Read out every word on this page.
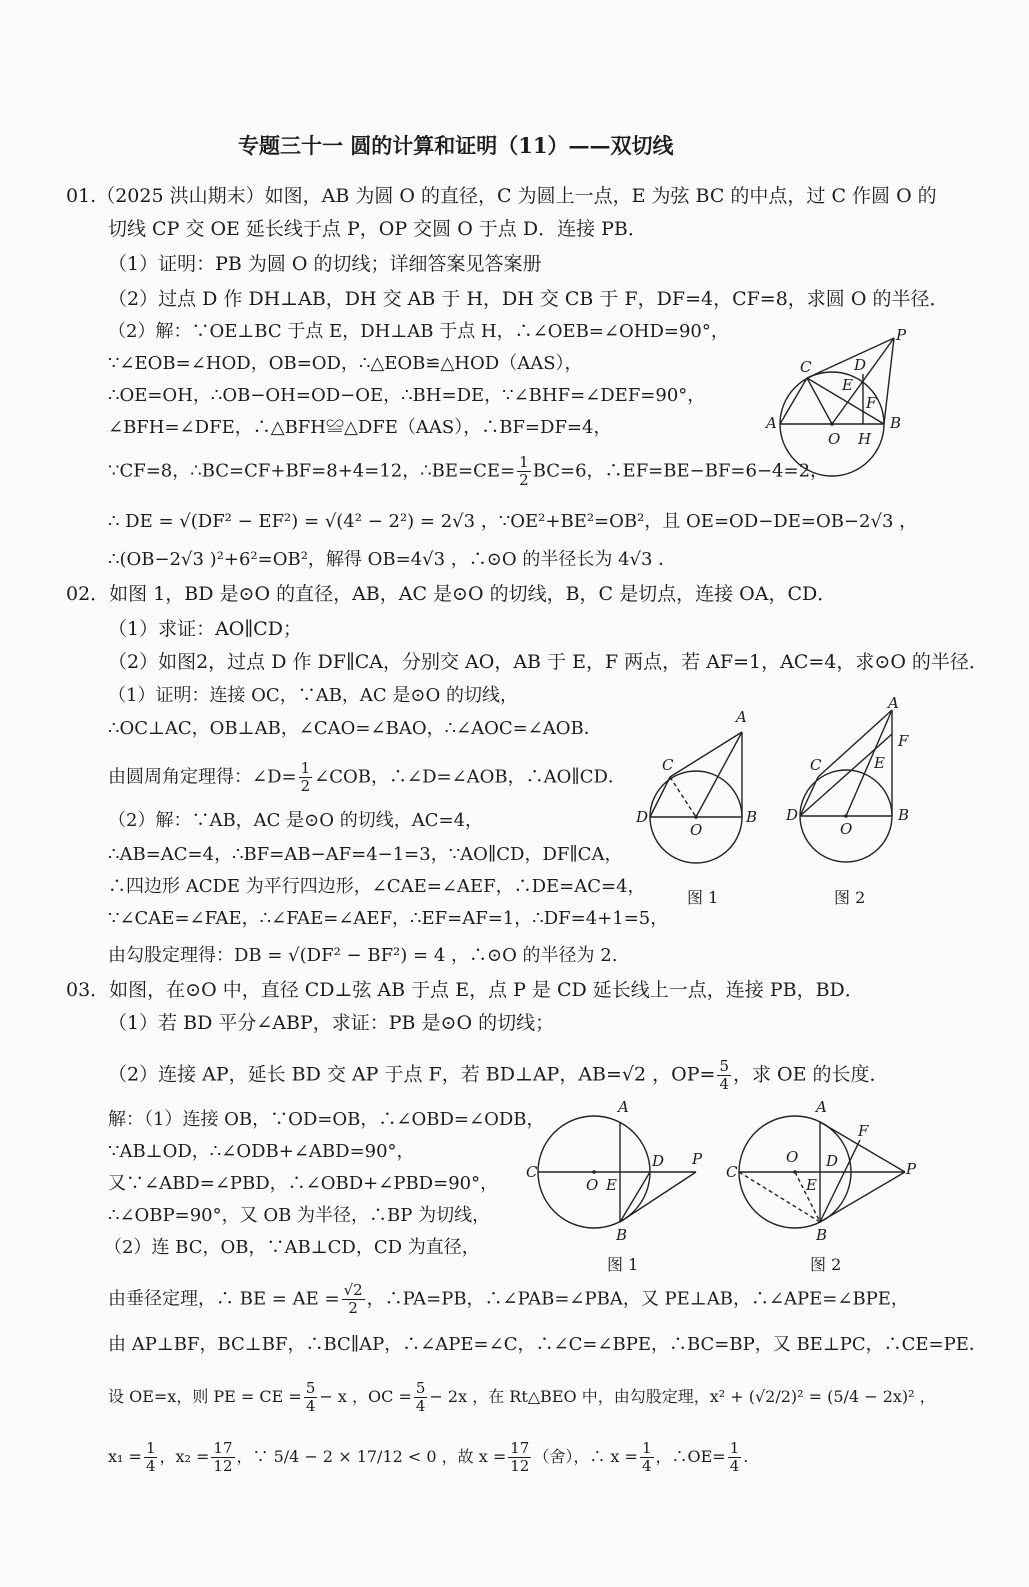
专题三十一 圆的计算和证明（11）——双切线
01.（2025 洪山期末）如图，AB 为圆 O 的直径，C 为圆上一点，E 为弦 BC 的中点，过 C 作圆 O 的
切线 CP 交 OE 延长线于点 P，OP 交圆 O 于点 D．连接 PB．
（1）证明：PB 为圆 O 的切线；详细答案见答案册
（2）过点 D 作 DH⊥AB，DH 交 AB 于 H，DH 交 CB 于 F，DF=4，CF=8，求圆 O 的半径．
（2）解：∵OE⊥BC 于点 E，DH⊥AB 于点 H，∴∠OEB=∠OHD=90°，
∵∠EOB=∠HOD，OB=OD，∴△EOB≌△HOD（AAS），
∴OE=OH，∴OB−OH=OD−OE，∴BH=DE，∵∠BHF=∠DEF=90°，
∠BFH=∠DFE，∴△BFH≌△DFE（AAS），∴BF=DF=4，
∵CF=8，∴BC=CF+BF=8+4=12，∴BE=CE= $\frac{1}{2} BC=6$，∴EF=BE−BF=6−4=2，
∴ DE = √(DF² − EF²) = √(4² − 2²) = 2√3 ，∵OE²+BE²=OB²，且 OE=OD−DE=OB−2√3 ，
∴(OB−2√3 )²+6²=OB²，解得 OB=4√3 ，∴⊙O 的半径长为 4√3 ．
P
C	D
E
F
A	B
O H
02．如图 1，BD 是⊙O 的直径，AB，AC 是⊙O 的切线，B，C 是切点，连接 OA，CD．
（1）求证：AO∥CD；
（2）如图2，过点 D 作 DF∥CA，分别交 AO，AB 于 E，F 两点，若 AF=1，AC=4，求⊙O 的半径．
（1）证明：连接 OC，∵AB，AC 是⊙O 的切线，
∴OC⊥AC，OB⊥AB，∠CAO=∠BAO，∴∠AOC=∠AOB．
由圆周角定理得：∠D= $\frac{1}{2}$ ∠COB，∴∠D=∠AOB，∴AO∥CD．
（2）解：∵AB，AC 是⊙O 的切线，AC=4，
∴AB=AC=4，∴BF=AB−AF=4−1=3，∵AO∥CD，DF∥CA，
∴四边形 ACDE 为平行四边形，∠CAE=∠AEF，∴DE=AC=4，
∵∠CAE=∠FAE，∴∠FAE=∠AEF，∴EF=AF=1，∴DF=4+1=5，
由勾股定理得：DB = √(DF² − BF²) = 4 ，∴⊙O 的半径为 2.
A
C
D
O
B
图 1
A
F
C	E
D
O
B
图 2
03．如图，在⊙O 中，直径 CD⊥弦 AB 于点 E，点 P 是 CD 延长线上一点，连接 PB，BD．
（1）若 BD 平分∠ABP，求证：PB 是⊙O 的切线；
（2）连接 AP，延长 BD 交 AP 于点 F，若 BD⊥AP，AB=√2 ，$OP= \frac{5}{4}$ ，求 OE 的长度．
解：（1）连接 OB，∵OD=OB，∴∠OBD=∠ODB，
∵AB⊥OD，∴∠ODB+∠ABD=90°，
又∵∠ABD=∠PBD，∴∠OBD+∠PBD=90°，
∴∠OBP=90°，又 OB 为半径，∴BP 为切线，
（2）连 BC，OB，∵AB⊥CD，CD 为直径，
由垂径定理，∴ BE = AE = $\frac{√2}{2}$ ，∴PA=PB，∴∠PAB=∠PBA，又 PE⊥AB，∴∠APE=∠BPE，
由 AP⊥BF，BC⊥BF，∴BC∥AP，∴∠APE=∠C，∴∠C=∠BPE，∴BC=BP，又 BE⊥PC，∴CE=PE．
设 OE=x，则 PE = CE = $\frac{5}{4} - x$ ，OC = $\frac{5}{4} - 2x$ ，在 Rt△BEO 中，由勾股定理，x² + (√2/2)² = (5/4 − 2x)² ，
$x_1 = \frac{1}{4}$ ，$x_2 = \frac{17}{12}$ ，∵ 5/4 − 2 × 17/12 < 0 ，故 $x = \frac{17}{12}$ （舍），∴ $x = \frac{1}{4}$ ，∴OE= $\frac{1}{4}$ .
A
C
O E
D P
B
图 1
A
F
O
C
D
E
P
B
图 2
